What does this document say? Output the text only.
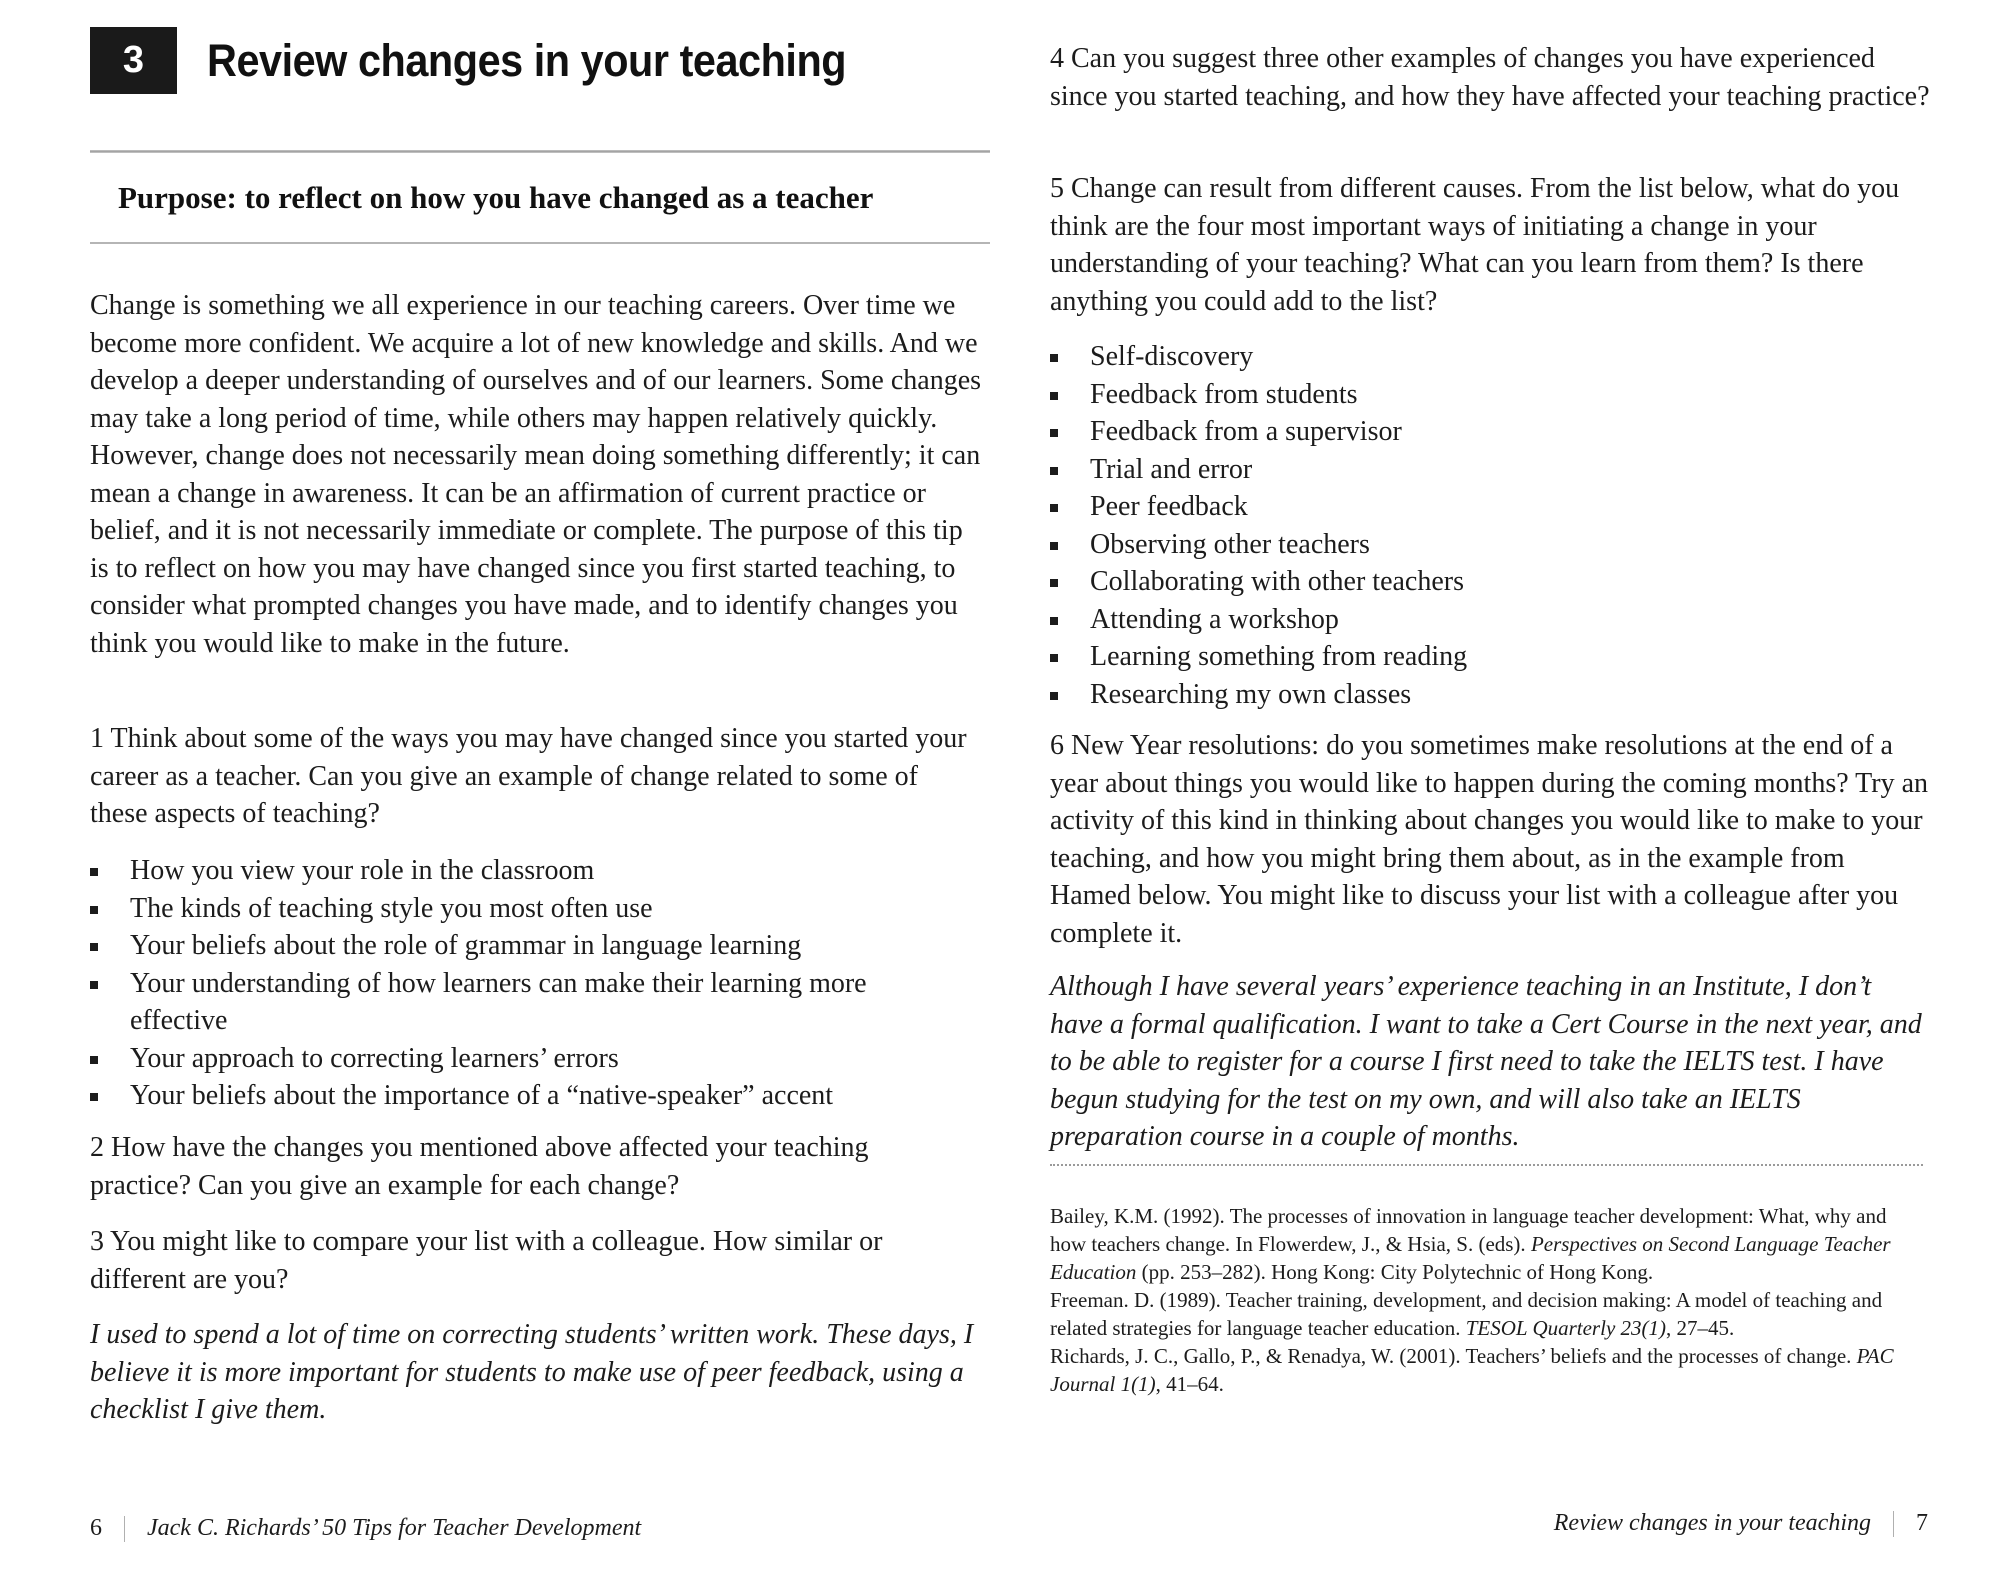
3	Review changes in your teaching
Purpose: to reflect on how you have changed as a teacher

Change is something we all experience in our teaching careers. Over time we become more confident. We acquire a lot of new knowledge and skills. And we develop a deeper understanding of ourselves and of our learners. Some changes may take a long period of time, while others may happen relatively quickly. However, change does not necessarily mean doing something differently; it can mean a change in awareness. It can be an affirmation of current practice or belief, and it is not necessarily immediate or complete. The purpose of this tip is to reflect on how you may have changed since you first started teaching, to consider what prompted changes you have made, and to identify changes you think you would like to make in the future.

1 Think about some of the ways you may have changed since you started your career as a teacher. Can you give an example of change related to some of these aspects of teaching?

How you view your role in the classroom
The kinds of teaching style you most often use
Your beliefs about the role of grammar in language learning
Your understanding of how learners can make their learning more effective
Your approach to correcting learners’ errors
Your beliefs about the importance of a “native-speaker” accent

2 How have the changes you mentioned above affected your teaching practice? Can you give an example for each change?

3 You might like to compare your list with a colleague. How similar or different are you?

I used to spend a lot of time on correcting students’ written work. These days, I believe it is more important for students to make use of peer feedback, using a checklist I give them.

6 Jack C. Richards’ 50 Tips for Teacher Development

4 Can you suggest three other examples of changes you have experienced since you started teaching, and how they have affected your teaching practice?

5 Change can result from different causes. From the list below, what do you think are the four most important ways of initiating a change in your understanding of your teaching? What can you learn from them? Is there anything you could add to the list?

Self-discovery
Feedback from students
Feedback from a supervisor
Trial and error
Peer feedback
Observing other teachers
Collaborating with other teachers
Attending a workshop
Learning something from reading
Researching my own classes

6 New Year resolutions: do you sometimes make resolutions at the end of a year about things you would like to happen during the coming months? Try an activity of this kind in thinking about changes you would like to make to your teaching, and how you might bring them about, as in the example from Hamed below. You might like to discuss your list with a colleague after you complete it.

Although I have several years’ experience teaching in an Institute, I don’t have a formal qualification. I want to take a Cert Course in the next year, and to be able to register for a course I first need to take the IELTS test. I have begun studying for the test on my own, and will also take an IELTS preparation course in a couple of months.

Bailey, K.M. (1992). The processes of innovation in language teacher development: What, why and how teachers change. In Flowerdew, J., & Hsia, S. (eds). Perspectives on Second Language Teacher Education (pp. 253–282). Hong Kong: City Polytechnic of Hong Kong.

Freeman. D. (1989). Teacher training, development, and decision making: A model of teaching and related strategies for language teacher education. TESOL Quarterly 23(1), 27–45.

Richards, J. C., Gallo, P., & Renadya, W. (2001). Teachers’ beliefs and the processes of change. PAC Journal 1(1), 41–64.

Review changes in your teaching 7
